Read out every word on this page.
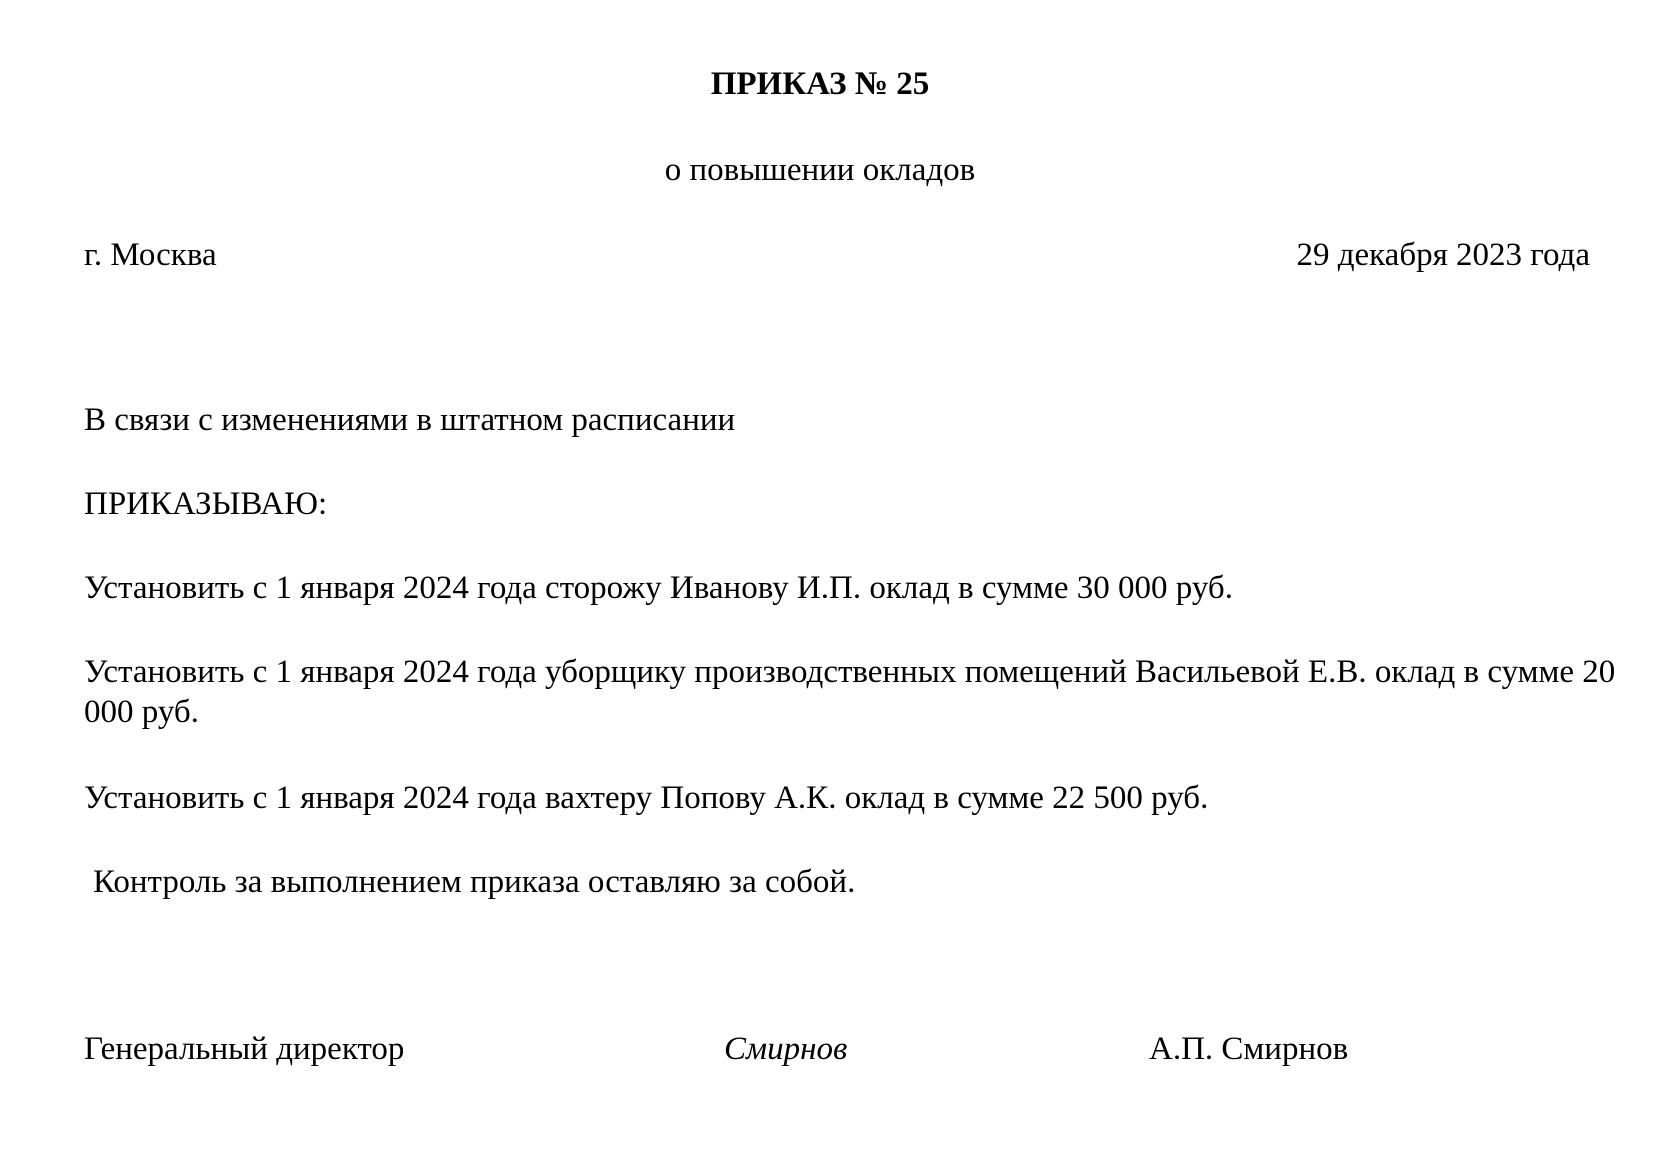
ПРИКАЗ № 25
о повышении окладов
г. Москва	29 декабря 2023 года
В связи с изменениями в штатном расписании
ПРИКАЗЫВАЮ:
Установить с 1 января 2024 года сторожу Иванову И.П. оклад в сумме 30 000 руб.
Установить с 1 января 2024 года уборщику производственных помещений Васильевой Е.В. оклад в сумме 20 000 руб.
Установить с 1 января 2024 года вахтеру Попову А.К. оклад в сумме 22 500 руб.
Контроль за выполнением приказа оставляю за собой.
Генеральный директор	Смирнов	А.П. Смирнов
